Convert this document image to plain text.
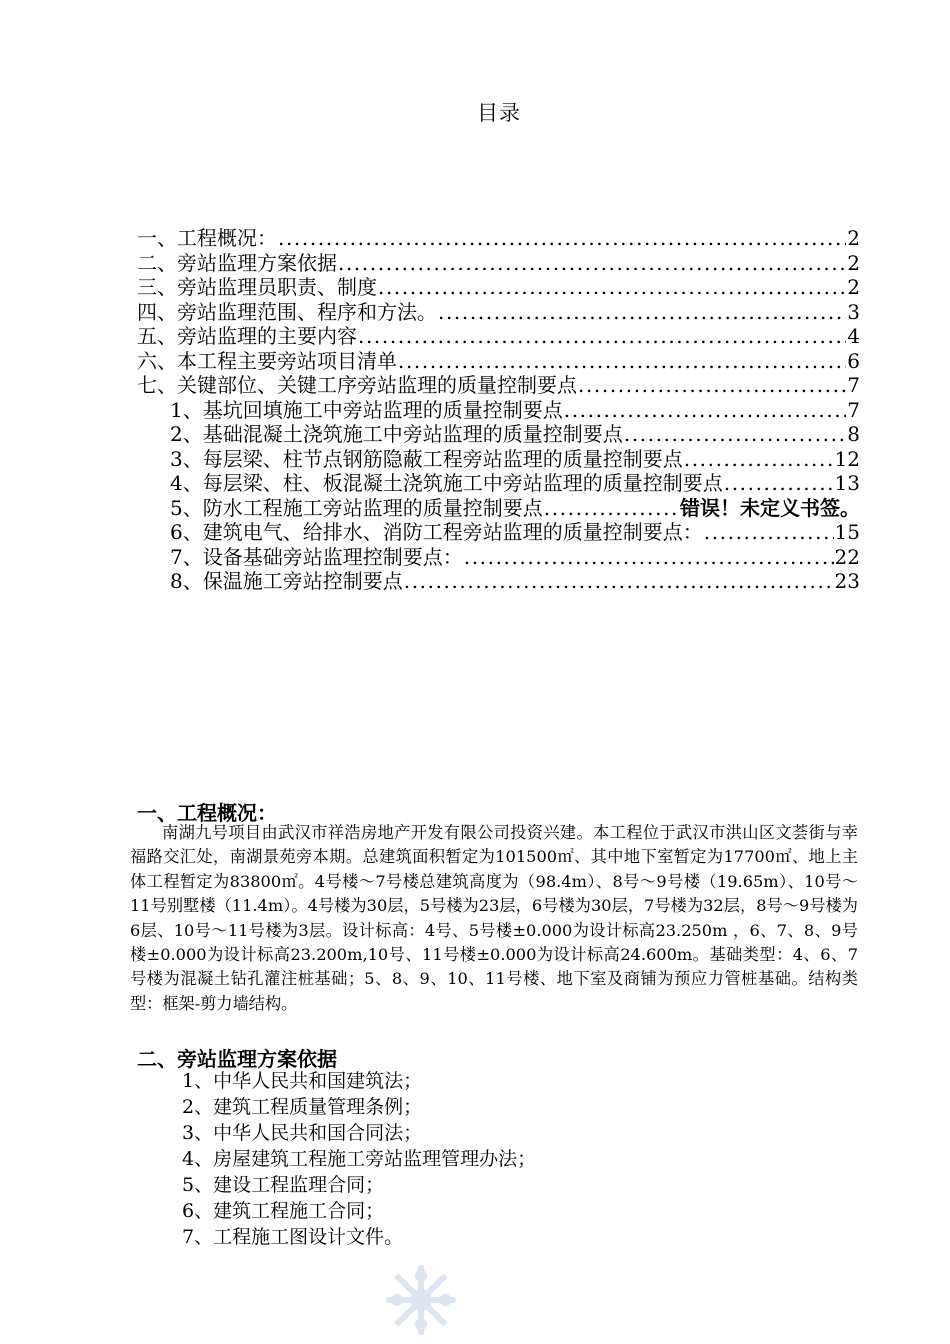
目录
一、工程概况： .....	2
二、旁站监理方案依据 .....	2
三、旁站监理员职责、制度 .....	2
四、旁站监理范围、程序和方法。 .....	3
五、旁站监理的主要内容 .....	4
六、本工程主要旁站项目清单 .....	6
七、关键部位、关键工序旁站监理的质量控制要点 .....	7
1、基坑回填施工中旁站监理的质量控制要点 .....	7
2、基础混凝土浇筑施工中旁站监理的质量控制要点 .....	8
3、每层梁、柱节点钢筋隐蔽工程旁站监理的质量控制要点 .....	12
4、每层梁、柱、板混凝土浇筑施工中旁站监理的质量控制要点 .....	13
5、防水工程施工旁站监理的质量控制要点 .....	错误！未定义书签。
6、建筑电气、给排水、消防工程旁站监理的质量控制要点： .....	15
7、设备基础旁站监理控制要点： .....	22
8、保温施工旁站控制要点 .....	23
一、工程概况：
南湖九号项目由武汉市祥浩房地产开发有限公司投资兴建。本工程位于武汉市洪山区文荟街与幸福路交汇处，南湖景苑旁本期。总建筑面积暂定为101500㎡、其中地下室暂定为17700㎡、地上主体工程暂定为83800㎡。4号楼～7号楼总建筑高度为（98.4m）、8号～9号楼（19.65m）、10号～11号别墅楼（11.4m）。4号楼为30层，5号楼为23层，6号楼为30层，7号楼为32层，8号～9号楼为6层、10号～11号楼为3层。设计标高：4号、5号楼±0.000为设计标高23.250m ，6、7、8、9号楼±0.000为设计标高23.200m,10号、11号楼±0.000为设计标高24.600m。基础类型：4、6、7号楼为混凝土钻孔灌注桩基础；5、8、9、10、11号楼、地下室及商铺为预应力管桩基础。结构类型：框架-剪力墙结构。
二、旁站监理方案依据
1、中华人民共和国建筑法；
2、建筑工程质量管理条例；
3、中华人民共和国合同法；
4、房屋建筑工程施工旁站监理管理办法；
5、建设工程监理合同；
6、建筑工程施工合同；
7、工程施工图设计文件。
